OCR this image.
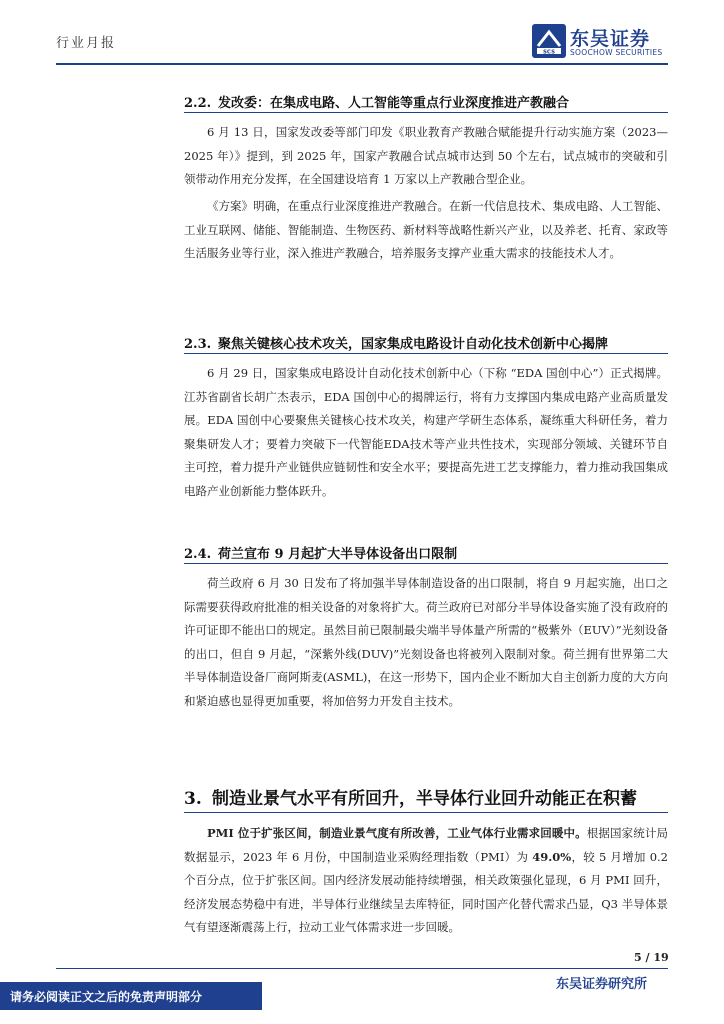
行业月报
SCS
东吴证券
SOOCHOW SECURITIES
2.2. 发改委：在集成电路、人工智能等重点行业深度推进产教融合

6 月 13 日，国家发改委等部门印发《职业教育产教融合赋能提升行动实施方案（2023—2025 年）》提到，到 2025 年，国家产教融合试点城市达到 50 个左右，试点城市的突破和引领带动作用充分发挥，在全国建设培育 1 万家以上产教融合型企业。

《方案》明确，在重点行业深度推进产教融合。在新一代信息技术、集成电路、人工智能、工业互联网、储能、智能制造、生物医药、新材料等战略性新兴产业，以及养老、托育、家政等生活服务业等行业，深入推进产教融合，培养服务支撑产业重大需求的技能技术人才。

2.3. 聚焦关键核心技术攻关，国家集成电路设计自动化技术创新中心揭牌

6 月 29 日，国家集成电路设计自动化技术创新中心（下称 “EDA 国创中心”）正式揭牌。江苏省副省长胡广杰表示，EDA 国创中心的揭牌运行，将有力支撑国内集成电路产业高质量发展。EDA 国创中心要聚焦关键核心技术攻关，构建产学研生态体系，凝练重大科研任务，着力聚集研发人才；要着力突破下一代智能EDA技术等产业共性技术，实现部分领域、关键环节自主可控，着力提升产业链供应链韧性和安全水平；要提高先进工艺支撑能力，着力推动我国集成电路产业创新能力整体跃升。

2.4. 荷兰宣布 9 月起扩大半导体设备出口限制

荷兰政府 6 月 30 日发布了将加强半导体制造设备的出口限制，将自 9 月起实施，出口之际需要获得政府批准的相关设备的对象将扩大。荷兰政府已对部分半导体设备实施了没有政府的许可证即不能出口的规定。虽然目前已限制最尖端半导体量产所需的“极紫外（EUV）”光刻设备的出口，但自 9 月起，“深紫外线(DUV)”光刻设备也将被列入限制对象。荷兰拥有世界第二大半导体制造设备厂商阿斯麦(ASML)，在这一形势下，国内企业不断加大自主创新力度的大方向和紧迫感也显得更加重要，将加倍努力开发自主技术。

3. 制造业景气水平有所回升，半导体行业回升动能正在积蓄

PMI 位于扩张区间，制造业景气度有所改善，工业气体行业需求回暖中。根据国家统计局数据显示，2023 年 6 月份，中国制造业采购经理指数（PMI）为 49.0%，较 5 月增加 0.2 个百分点，位于扩张区间。国内经济发展动能持续增强，相关政策强化显现，6 月 PMI 回升，经济发展态势稳中有进，半导体行业继续呈去库特征，同时国产化替代需求凸显，Q3 半导体景气有望逐渐震荡上行，拉动工业气体需求进一步回暖。

5 / 19
东吴证券研究所
请务必阅读正文之后的免责声明部分
